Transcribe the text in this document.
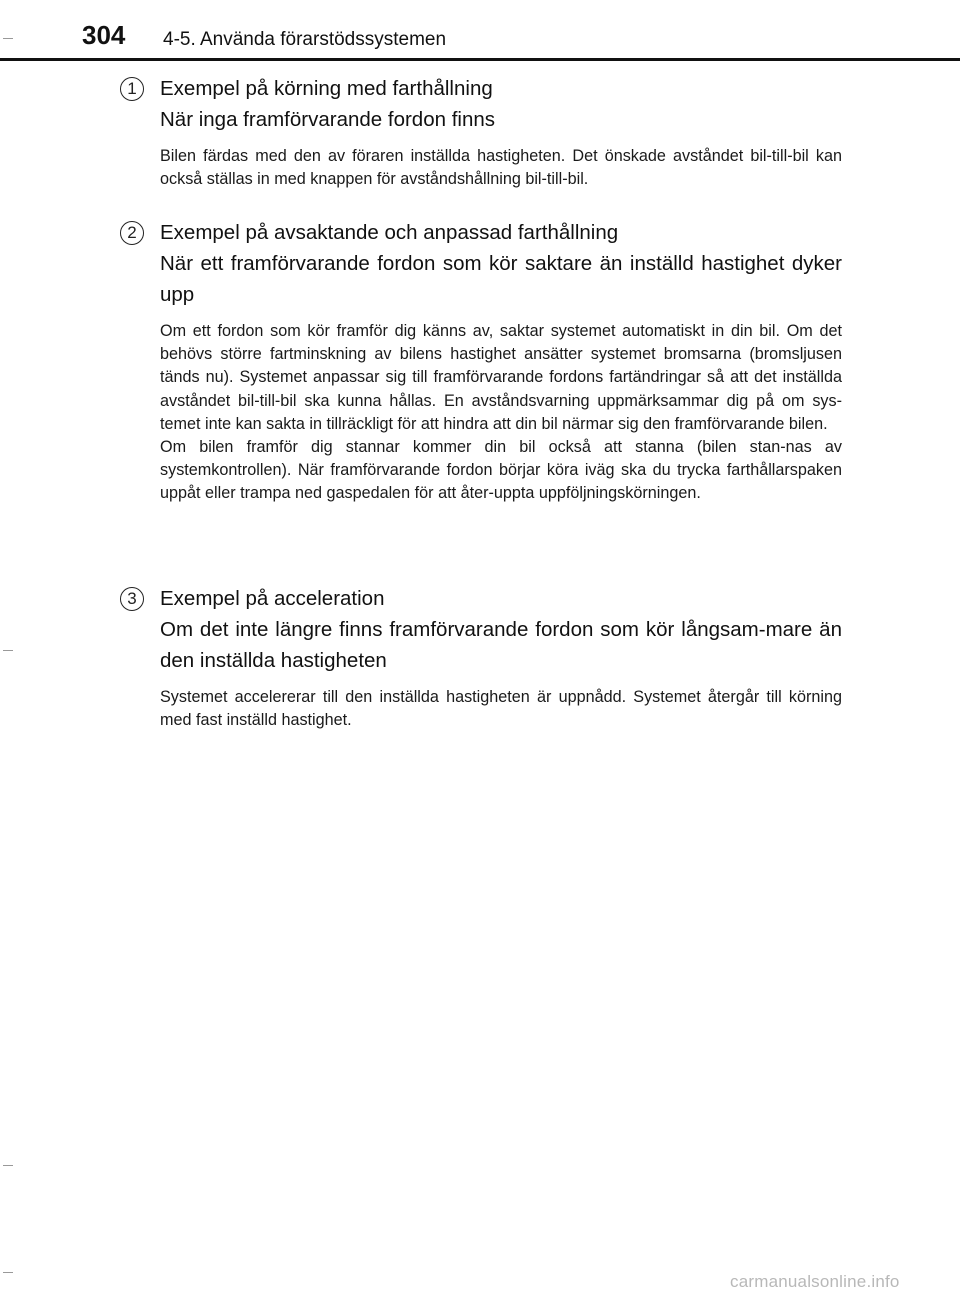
304 4-5. Använda förarstödssystemen
1	Exempel på körning med farthållning
När inga framförvarande fordon finns

Bilen färdas med den av föraren inställda hastigheten. Det önskade avståndet bil-till-bil kan också ställas in med knappen för avståndshållning bil-till-bil.

2	Exempel på avsaktande och anpassad farthållning
När ett framförvarande fordon som kör saktare än inställd hastighet dyker upp

Om ett fordon som kör framför dig känns av, saktar systemet automatiskt in din bil. Om det behövs större fartminskning av bilens hastighet ansätter systemet bromsarna (bromsljusen tänds nu). Systemet anpassar sig till framförvarande fordons fartändringar så att det inställda avståndet bil-till-bil ska kunna hållas. En avståndsvarning uppmärksammar dig på om sys-temet inte kan sakta in tillräckligt för att hindra att din bil närmar sig den framförvarande bilen.

Om bilen framför dig stannar kommer din bil också att stanna (bilen stan-nas av systemkontrollen). När framförvarande fordon börjar köra iväg ska du trycka farthållarspaken uppåt eller trampa ned gaspedalen för att åter-uppta uppföljningskörningen.

3	Exempel på acceleration
Om det inte längre finns framförvarande fordon som kör långsam-mare än den inställda hastigheten

Systemet accelererar till den inställda hastigheten är uppnådd. Systemet återgår till körning med fast inställd hastighet.

carmanualsonline.info
